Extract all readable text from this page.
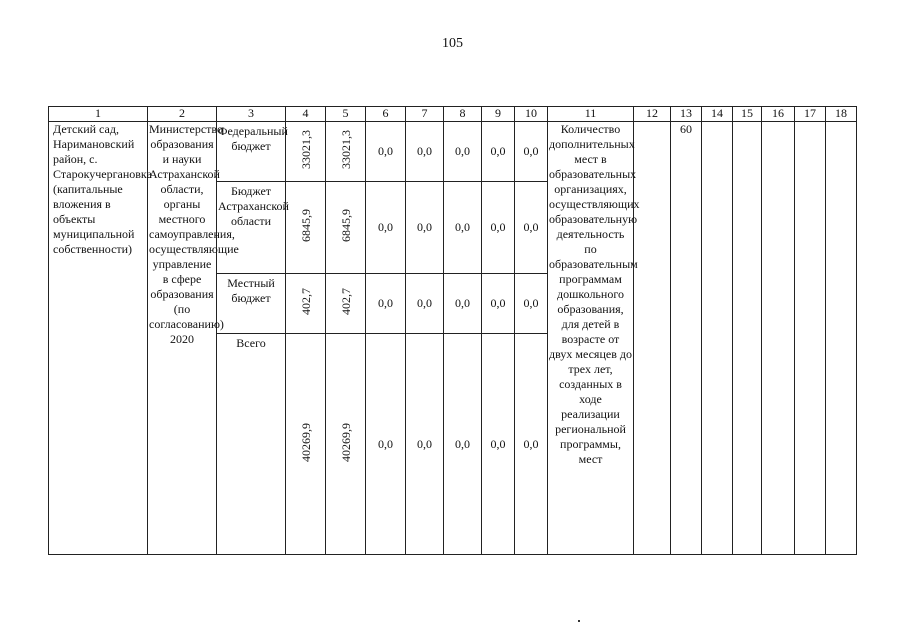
105
1	2	3	4	5	6	7	8	9	10	11	12	13	14	15	16	17	18
Детский сад, Наримановский район, с. Старокучергановка (капитальные вложения в объекты муниципальной собственности)	Министерство образования и науки Астраханской области, органы местного самоуправления, осуществляющие управление в сфере образования (по согласованию) 2020	Федеральный бюджет	33021,3	33021,3	0,0	0,0	0,0	0,0	0,0	Количество дополнительных мест в образовательных организациях, осуществляющих образовательную деятельность по образовательным программам дошкольного образования, для детей в возрасте от двух месяцев до трех лет, созданных в ходе реализации региональной программы, мест		60					
		Бюджет Астраханской области	6845,9	6845,9	0,0	0,0	0,0	0,0	0,0								
		Местный бюджет	402,7	402,7	0,0	0,0	0,0	0,0	0,0								
		Всего	40269,9	40269,9	0,0	0,0	0,0	0,0	0,0								
